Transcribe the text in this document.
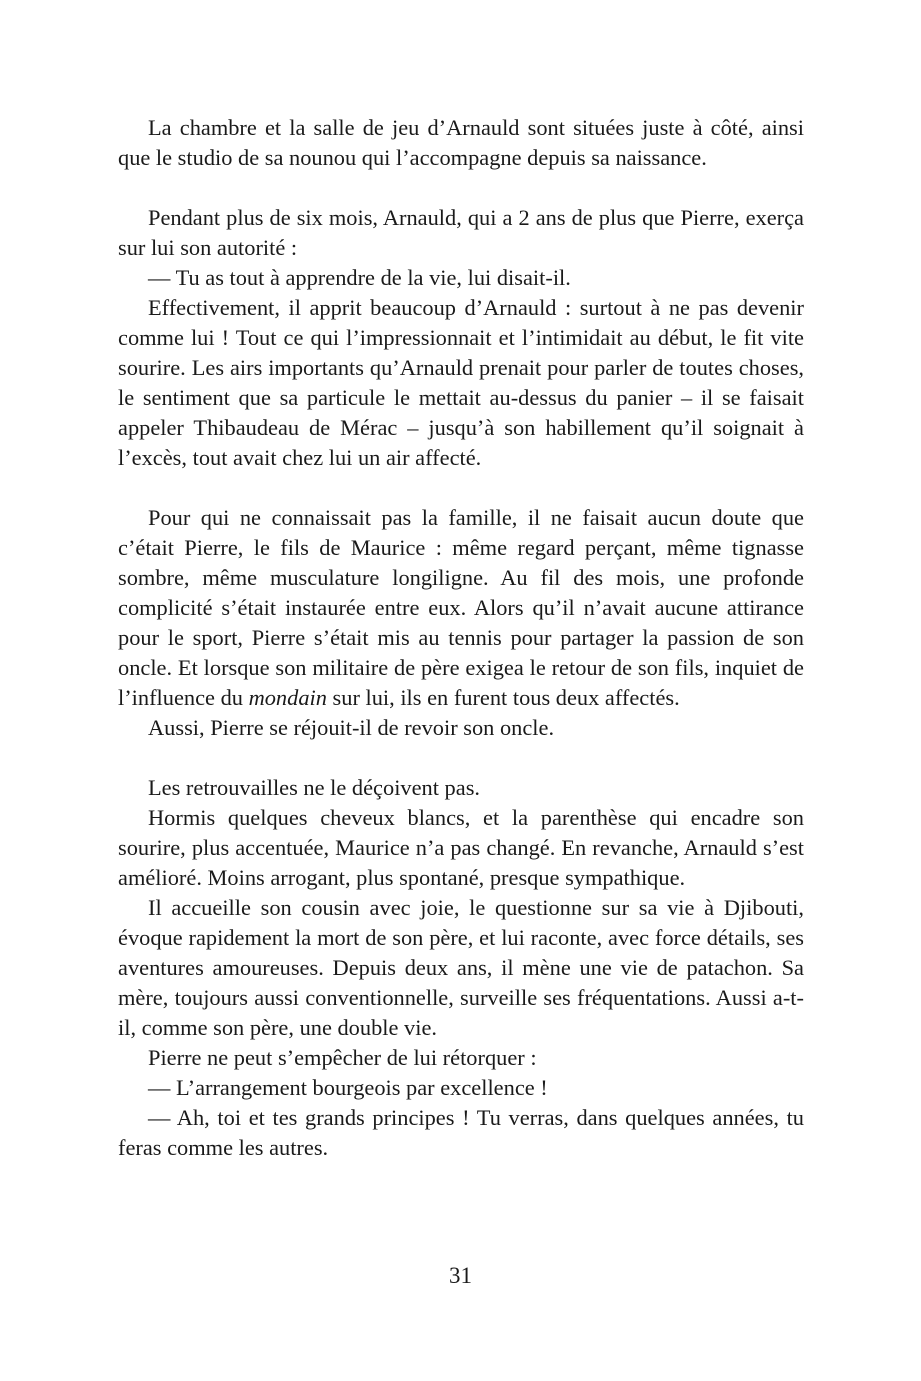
La chambre et la salle de jeu d’Arnauld sont situées juste à côté, ainsi que le studio de sa nounou qui l’accompagne depuis sa naissance.

Pendant plus de six mois, Arnauld, qui a 2 ans de plus que Pierre, exerça sur lui son autorité :

— Tu as tout à apprendre de la vie, lui disait-il.

Effectivement, il apprit beaucoup d’Arnauld : surtout à ne pas devenir comme lui ! Tout ce qui l’impressionnait et l’intimidait au début, le fit vite sourire. Les airs importants qu’Arnauld prenait pour parler de toutes choses, le sentiment que sa particule le mettait au-dessus du panier – il se faisait appeler Thibaudeau de Mérac – jusqu’à son habillement qu’il soignait à l’excès, tout avait chez lui un air affecté.

Pour qui ne connaissait pas la famille, il ne faisait aucun doute que c’était Pierre, le fils de Maurice : même regard perçant, même tignasse sombre, même musculature longiligne. Au fil des mois, une profonde complicité s’était instaurée entre eux. Alors qu’il n’avait aucune attirance pour le sport, Pierre s’était mis au tennis pour partager la passion de son oncle. Et lorsque son militaire de père exigea le retour de son fils, inquiet de l’influence du mondain sur lui, ils en furent tous deux affectés.

Aussi, Pierre se réjouit-il de revoir son oncle.

Les retrouvailles ne le déçoivent pas.

Hormis quelques cheveux blancs, et la parenthèse qui encadre son sourire, plus accentuée, Maurice n’a pas changé. En revanche, Arnauld s’est amélioré. Moins arrogant, plus spontané, presque sympathique.

Il accueille son cousin avec joie, le questionne sur sa vie à Djibouti, évoque rapidement la mort de son père, et lui raconte, avec force détails, ses aventures amoureuses. Depuis deux ans, il mène une vie de patachon. Sa mère, toujours aussi conventionnelle, surveille ses fréquentations. Aussi a-t-il, comme son père, une double vie.

Pierre ne peut s’empêcher de lui rétorquer :

— L’arrangement bourgeois par excellence !

— Ah, toi et tes grands principes ! Tu verras, dans quelques années, tu feras comme les autres.

31
